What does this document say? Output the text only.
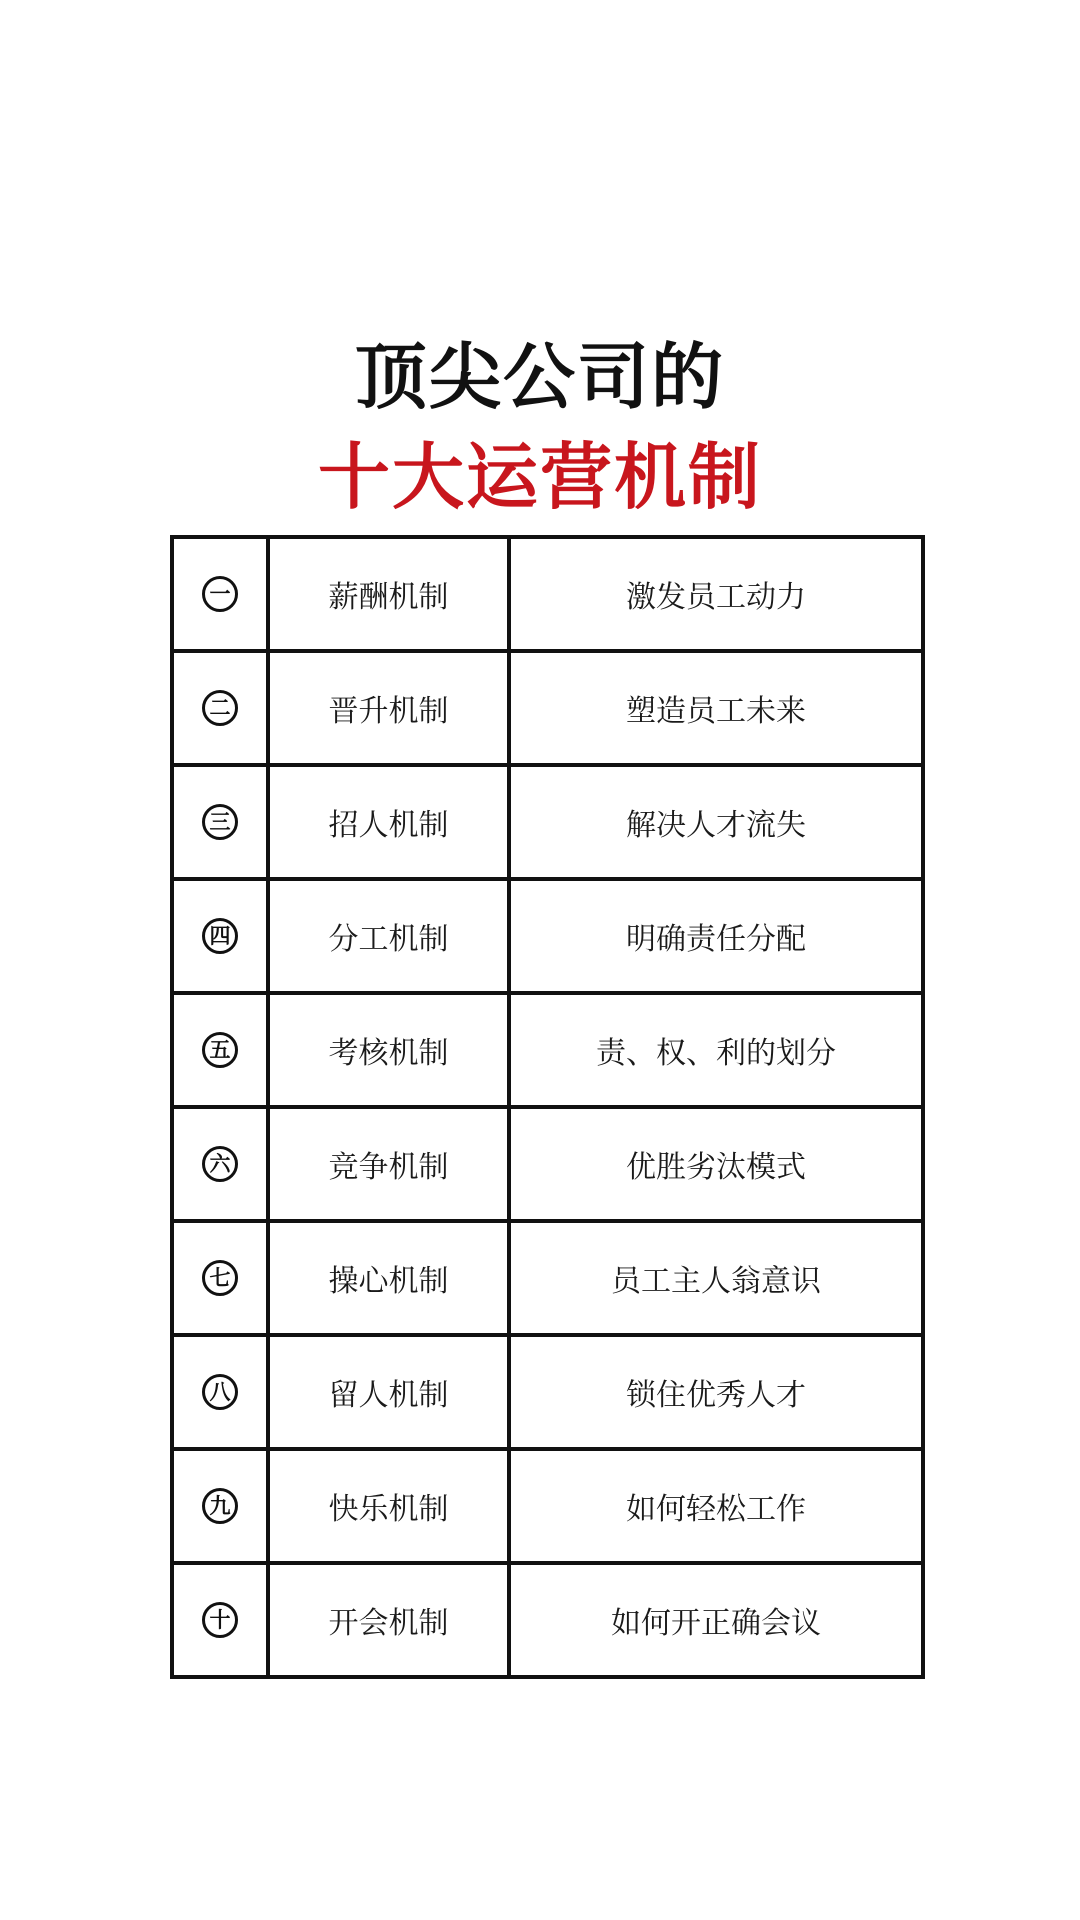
顶尖公司的
十大运营机制
一	薪酬机制	激发员工动力
二	晋升机制	塑造员工未来
三	招人机制	解决人才流失
四	分工机制	明确责任分配
五	考核机制	责、权、利的划分
六	竞争机制	优胜劣汰模式
七	操心机制	员工主人翁意识
八	留人机制	锁住优秀人才
九	快乐机制	如何轻松工作
十	开会机制	如何开正确会议
